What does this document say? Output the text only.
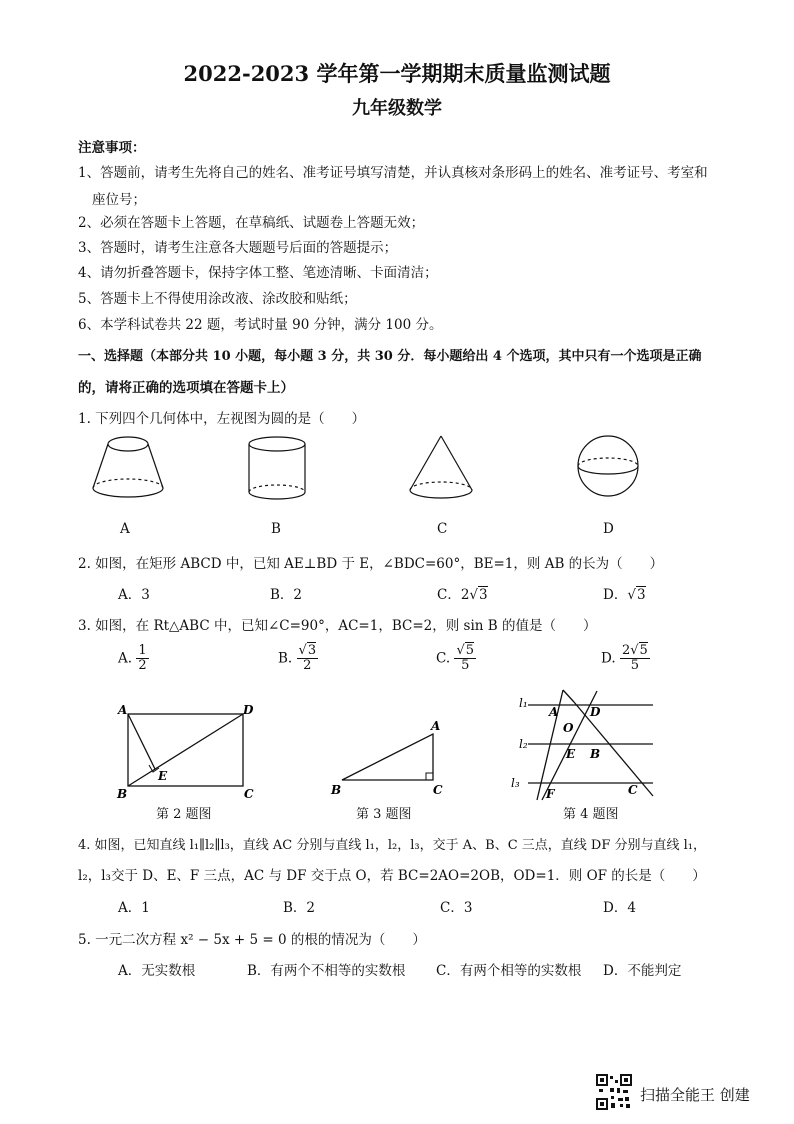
2022-2023 学年第一学期期末质量监测试题
九年级数学
注意事项：
1、答题前，请考生先将自己的姓名、准考证号填写清楚，并认真核对条形码上的姓名、准考证号、考室和
座位号；
2、必须在答题卡上答题，在草稿纸、试题卷上答题无效；
3、答题时，请考生注意各大题题号后面的答题提示；
4、请勿折叠答题卡，保持字体工整、笔迹清晰、卡面清洁；
5、答题卡上不得使用涂改液、涂改胶和贴纸；
6、本学科试卷共 22 题，考试时量 90 分钟，满分 100 分。
一、选择题（本部分共 10 小题，每小题 3 分，共 30 分．每小题给出 4 个选项，其中只有一个选项是正确
的，请将正确的选项填在答题卡上）
1. 下列四个几何体中，左视图为圆的是（　　）
A	B	C	D
2. 如图，在矩形 ABCD 中，已知 AE⊥BD 于 E，∠BDC=60°，BE=1，则 AB 的长为（　　）
A．3	B．2	C．2√3	D．√3
3. 如图，在 Rt△ABC 中，已知∠C=90°，AC=1，BC=2，则 sin B 的值是（　　）
A. $\frac{1}{2}$	B. $\frac{√3}{2}$	C. $\frac{√5}{5}$	D. $\frac{2√5}{5}$
A	D
B	C
E
第 2 题图
A
B	C
第 3 题图
l₁
l₂
l₃
A	D
O
E B
F	C
第 4 题图
4. 如图，已知直线 l₁∥l₂∥l₃，直线 AC 分别与直线 l₁，l₂，l₃，交于 A、B、C 三点，直线 DF 分别与直线 l₁，
l₂，l₃交于 D、E、F 三点，AC 与 DF 交于点 O，若 BC=2AO=2OB，OD=1．则 OF 的长是（　　）
A．1	B．2	C．3	D．4
5. 一元二次方程 x² − 5x + 5 = 0 的根的情况为（　　）
A．无实数根	B．有两个不相等的实数根 C．有两个相等的实数根 D．不能判定
扫描全能王 创建
